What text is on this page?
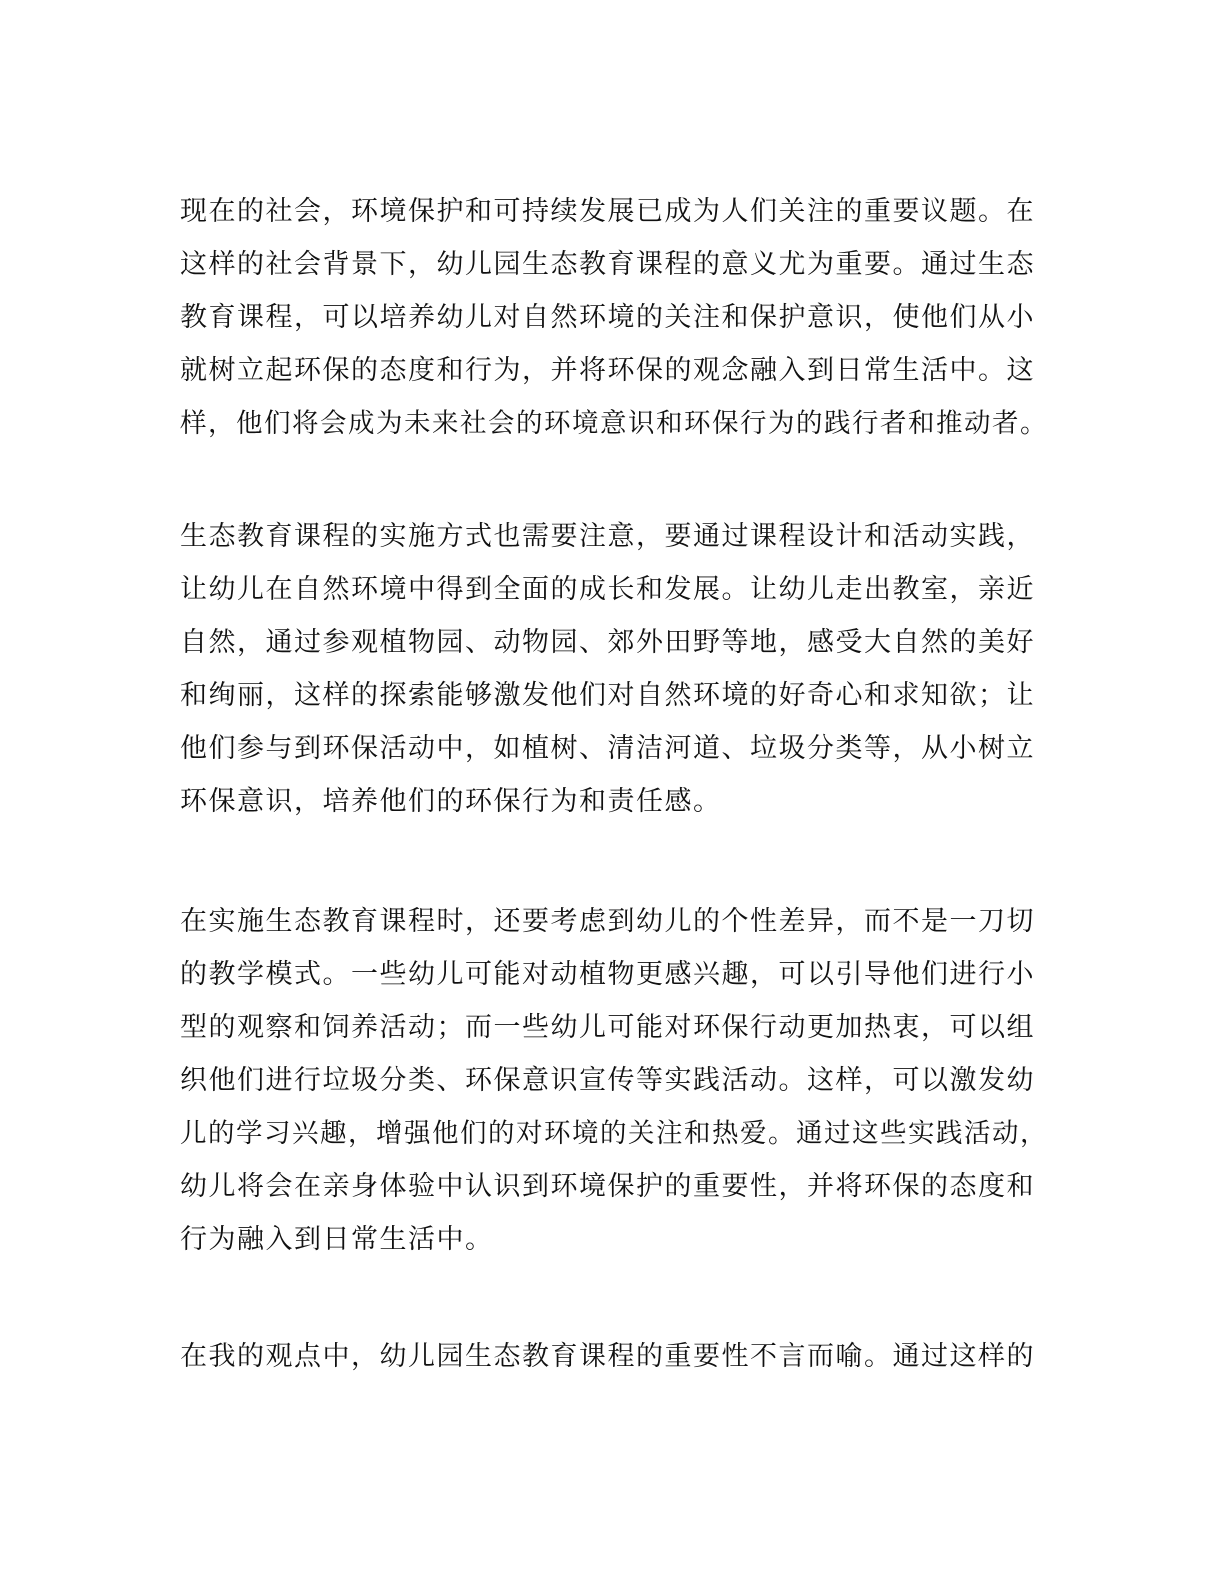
现在的社会，环境保护和可持续发展已成为人们关注的重要议题。在
这样的社会背景下，幼儿园生态教育课程的意义尤为重要。通过生态
教育课程，可以培养幼儿对自然环境的关注和保护意识，使他们从小
就树立起环保的态度和行为，并将环保的观念融入到日常生活中。这
样，他们将会成为未来社会的环境意识和环保行为的践行者和推动者。
生态教育课程的实施方式也需要注意，要通过课程设计和活动实践，
让幼儿在自然环境中得到全面的成长和发展。让幼儿走出教室，亲近
自然，通过参观植物园、动物园、郊外田野等地，感受大自然的美好
和绚丽，这样的探索能够激发他们对自然环境的好奇心和求知欲；让
他们参与到环保活动中，如植树、清洁河道、垃圾分类等，从小树立
环保意识，培养他们的环保行为和责任感。
在实施生态教育课程时，还要考虑到幼儿的个性差异，而不是一刀切
的教学模式。一些幼儿可能对动植物更感兴趣，可以引导他们进行小
型的观察和饲养活动；而一些幼儿可能对环保行动更加热衷，可以组
织他们进行垃圾分类、环保意识宣传等实践活动。这样，可以激发幼
儿的学习兴趣，增强他们的对环境的关注和热爱。通过这些实践活动，
幼儿将会在亲身体验中认识到环境保护的重要性，并将环保的态度和
行为融入到日常生活中。
在我的观点中，幼儿园生态教育课程的重要性不言而喻。通过这样的
